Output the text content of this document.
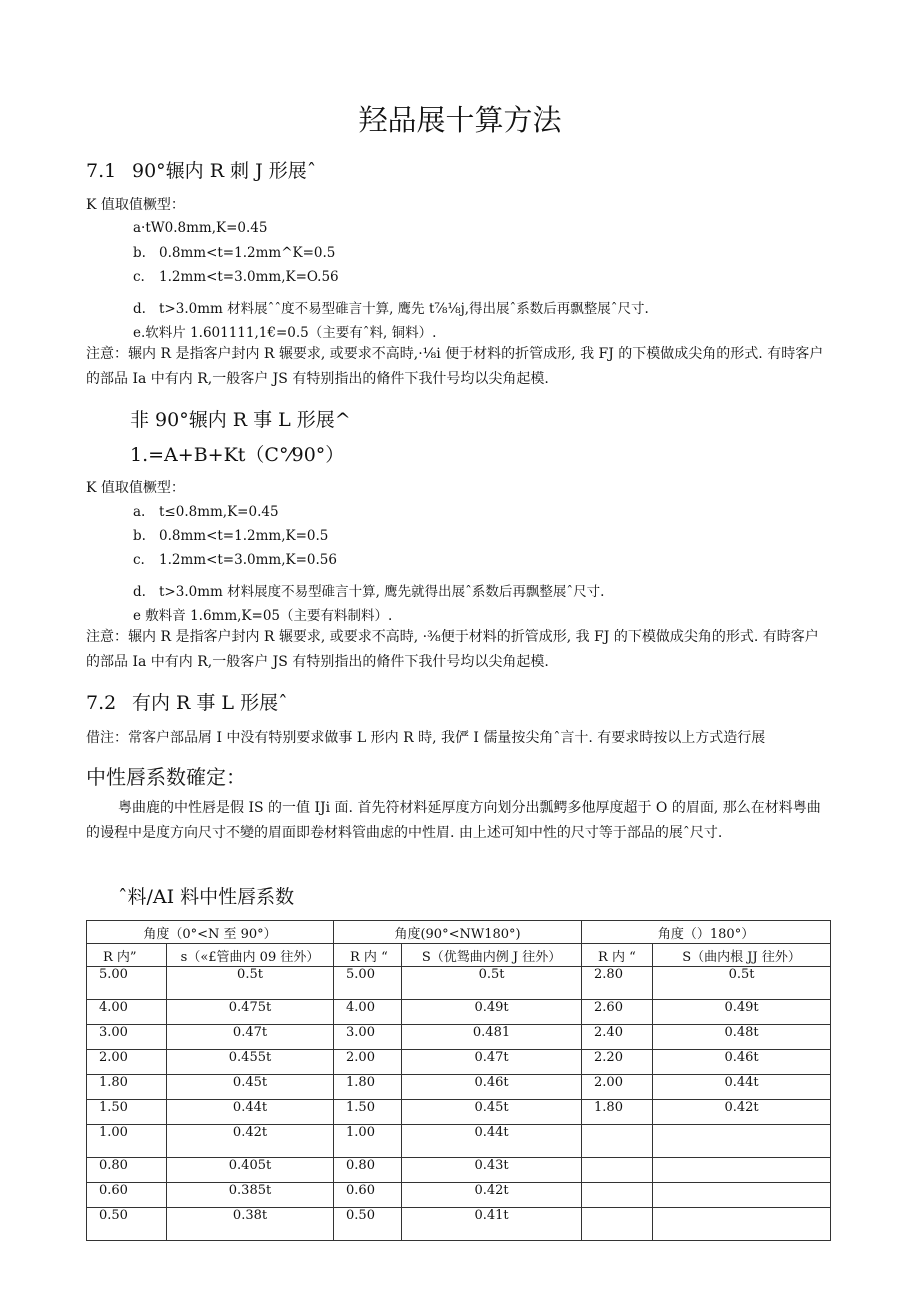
羟品展十算方法
7.1 90°辗内 R 刺 J 形展ˆ
K 值取值橛型：
a·tW0.8mm,K=0.45
b. 0.8mm<t=1.2mm^K=0.5
c. 1.2mm<t=3.0mm,K=O.56
d. t>3.0mm 材料展ˆˆ度不易型碓言十算, 鹰先 t⅞⅛j,得出展ˆ系数后再飘整展ˆ尺寸.
e.软料片 1.601111,1€=0.5（主要有ˆ料, 铜料）.
注意：辗内 R 是指客户封内 R 辗要求, 或要求不高時,·⅛i 便于材料的折管成形, 我 FJ 的下模做成尖角的形式. 有時客户的部品 Ia 中有内 R,一般客户 JS 有特别指出的脩件下我什号均以尖角起模.
非 90°辗内 R 事 L 形展^
1.=A+B+Kt（C°⁄90°）
K 值取值橛型：
a. t≤0.8mm,K=0.45
b. 0.8mm<t=1.2mm,K=0.5
c. 1.2mm<t=3.0mm,K=0.56
d. t>3.0mm 材料展度不易型碓言十算, 鹰先就得出展ˆ系数后再飘整展ˆ尺寸.
e 敷料音 1.6mm,K=05（主要有料制料）.
注意：辗内 R 是指客户封内 R 辗要求, 或要求不高時, ·⅜便于材料的折管成形, 我 FJ 的下模做成尖角的形式. 有時客户的部品 Ia 中有内 R,一般客户 JS 有特别指出的脩件下我什号均以尖角起模.
7.2 有内 R 事 L 形展ˆ
借注：常客户部品屑 I 中没有特别要求做事 L 形内 R 時, 我俨 I 儒量按尖角ˆ言十. 有要求時按以上方式造行展
中性唇系数確定：
粤曲鹿的中性唇是假 IS 的一值 IJi 面. 首先符材料延厚度方向划分出瓢鳄多他厚度超于 O 的眉面, 那么在材料粤曲的谩程中是度方向尺寸不變的眉面即卷材料管曲虑的中性眉. 由上述可知中性的尺寸等于部品的展ˆ尺寸.
ˆ料/AI 料中性唇系数
角度（0°<N 至 90°）		角度(90°<NW180°)		角度（）180°）	
R 内”	s（«£管曲内 09 往外）	R 内 “	S（优鸳曲内例 J 往外）	R 内 “	S（曲内根 JJ 往外）
5.00	0.5t	5.00	0.5t	2.80	0.5t
4.00	0.475t	4.00	0.49t	2.60	0.49t
3.00	0.47t	3.00	0.481	2.40	0.48t
2.00	0.455t	2.00	0.47t	2.20	0.46t
1.80	0.45t	1.80	0.46t	2.00	0.44t
1.50	0.44t	1.50	0.45t	1.80	0.42t
1.00	0.42t	1.00	0.44t		
0.80	0.405t	0.80	0.43t		
0.60	0.385t	0.60	0.42t		
0.50	0.38t	0.50	0.41t		
